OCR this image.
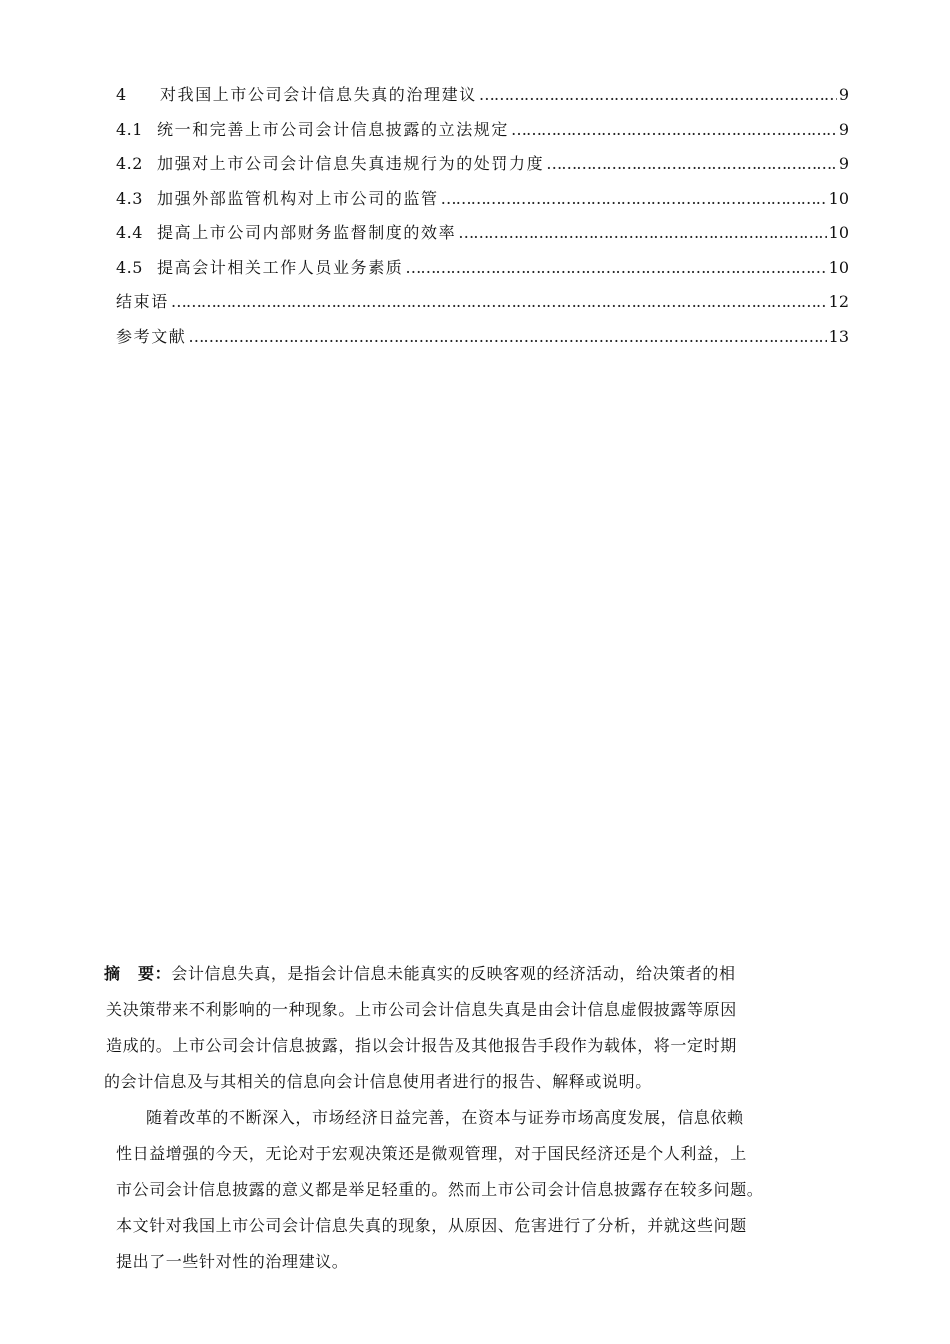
4	对我国上市公司会计信息失真的治理建议 ………………………………………………………………………………………………………………………………………………………………	9
4.1 统一和完善上市公司会计信息披露的立法规定 ………………………………………………………………………………………………………………………………………………………………	9
4.2 加强对上市公司会计信息失真违规行为的处罚力度 ………………………………………………………………………………………………………………………………………………………………	9
4.3 加强外部监管机构对上市公司的监管 ………………………………………………………………………………………………………………………………………………………………	10
4.4 提高上市公司内部财务监督制度的效率 ………………………………………………………………………………………………………………………………………………………………	10
4.5 提高会计相关工作人员业务素质 ………………………………………………………………………………………………………………………………………………………………	10
结束语 ………………………………………………………………………………………………………………………………………………………………	12
参考文献 ………………………………………………………………………………………………………………………………………………………………	13
摘要：会计信息失真，是指会计信息未能真实的反映客观的经济活动，给决策者的相
关决策带来不利影响的一种现象。上市公司会计信息失真是由会计信息虚假披露等原因
造成的。上市公司会计信息披露，指以会计报告及其他报告手段作为载体，将一定时期
的会计信息及与其相关的信息向会计信息使用者进行的报告、解释或说明。
随着改革的不断深入，市场经济日益完善，在资本与证券市场高度发展，信息依赖
性日益增强的今天，无论对于宏观决策还是微观管理，对于国民经济还是个人利益，上
市公司会计信息披露的意义都是举足轻重的。然而上市公司会计信息披露存在较多问题。
本文针对我国上市公司会计信息失真的现象，从原因、危害进行了分析，并就这些问题
提出了一些针对性的治理建议。
